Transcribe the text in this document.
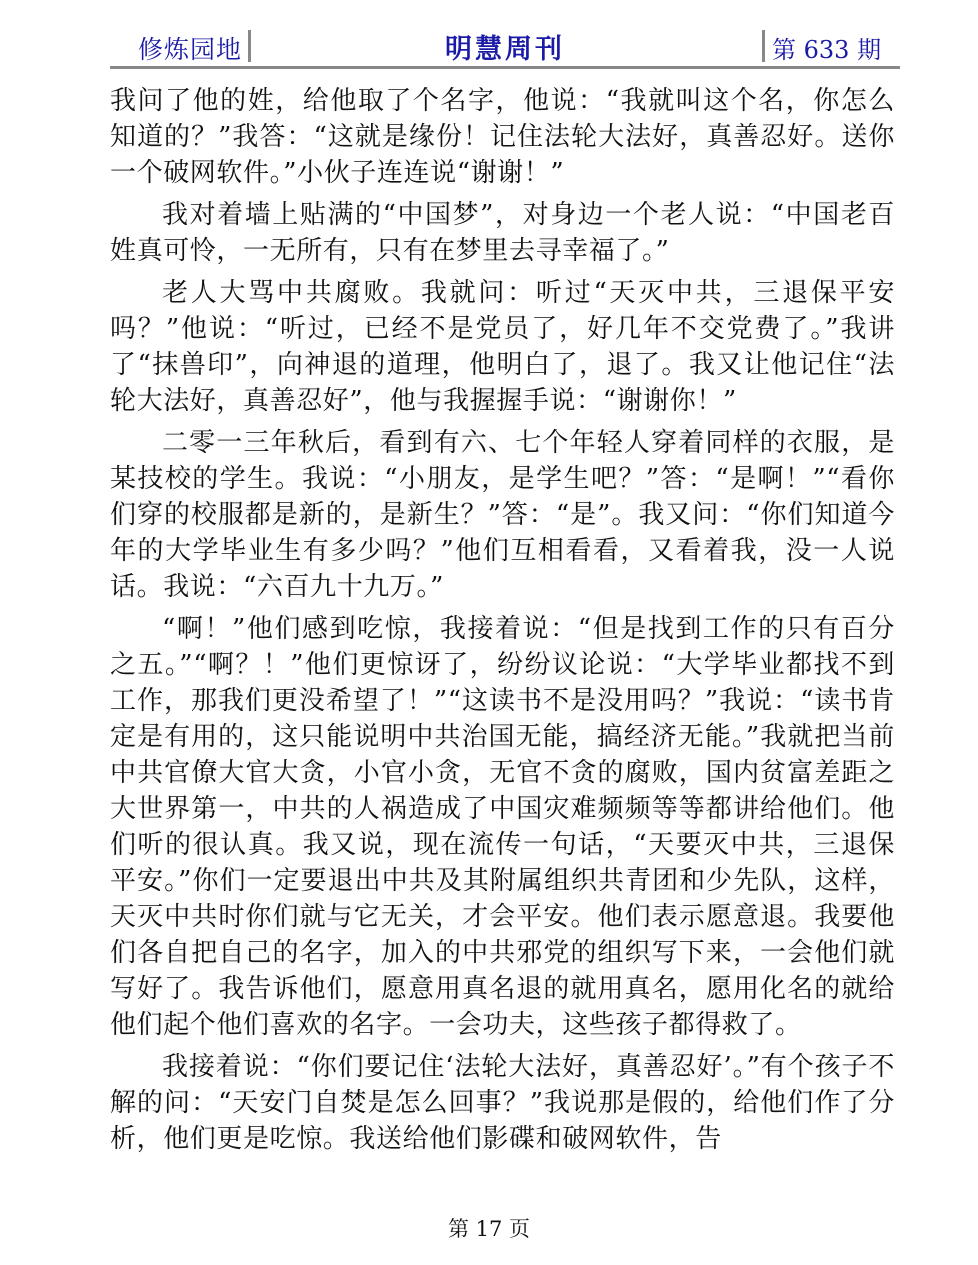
修炼园地	明慧周刊	第 633 期

我问了他的姓，给他取了个名字，他说：“我就叫这个名，你怎么知道的？”我答：“这就是缘份！记住法轮大法好，真善忍好。送你一个破网软件。”小伙子连连说“谢谢！”

我对着墙上贴满的“中国梦”，对身边一个老人说：“中国老百姓真可怜，一无所有，只有在梦里去寻幸福了。”

老人大骂中共腐败。我就问：听过“天灭中共，三退保平安吗？”他说：“听过，已经不是党员了，好几年不交党费了。”我讲了“抹兽印”，向神退的道理，他明白了，退了。我又让他记住“法轮大法好，真善忍好”，他与我握握手说：“谢谢你！”

二零一三年秋后，看到有六、七个年轻人穿着同样的衣服，是某技校的学生。我说：“小朋友，是学生吧？”答：“是啊！”“看你们穿的校服都是新的，是新生？”答：“是”。我又问：“你们知道今年的大学毕业生有多少吗？”他们互相看看，又看着我，没一人说话。我说：“六百九十九万。”

“啊！”他们感到吃惊，我接着说：“但是找到工作的只有百分之五。”“啊？！”他们更惊讶了，纷纷议论说：“大学毕业都找不到工作，那我们更没希望了！”“这读书不是没用吗？”我说：“读书肯定是有用的，这只能说明中共治国无能，搞经济无能。”我就把当前中共官僚大官大贪，小官小贪，无官不贪的腐败，国内贫富差距之大世界第一，中共的人祸造成了中国灾难频频等等都讲给他们。他们听的很认真。我又说，现在流传一句话，“天要灭中共，三退保平安。”你们一定要退出中共及其附属组织共青团和少先队，这样，天灭中共时你们就与它无关，才会平安。他们表示愿意退。我要他们各自把自己的名字，加入的中共邪党的组织写下来，一会他们就写好了。我告诉他们，愿意用真名退的就用真名，愿用化名的就给他们起个他们喜欢的名字。一会功夫，这些孩子都得救了。

我接着说：“你们要记住‘法轮大法好，真善忍好’。”有个孩子不解的问：“天安门自焚是怎么回事？”我说那是假的，给他们作了分析，他们更是吃惊。我送给他们影碟和破网软件，告

第 17 页
